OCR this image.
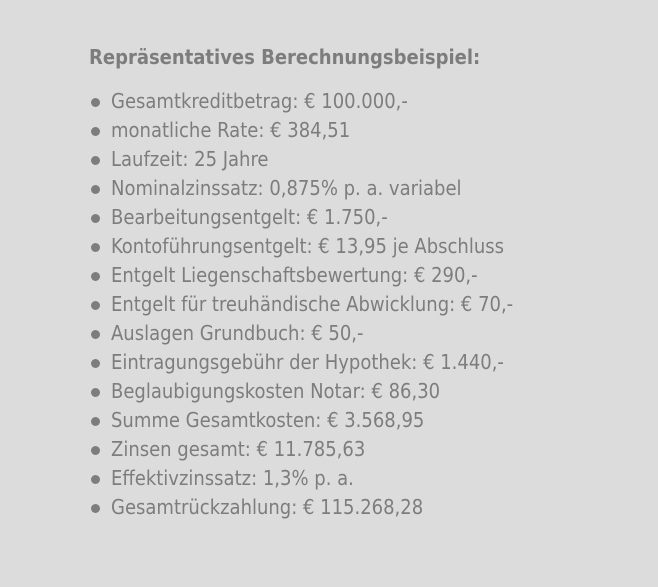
Repräsentatives Berechnungsbeispiel:
Gesamtkreditbetrag: € 100.000,-
monatliche Rate: € 384,51
Laufzeit: 25 Jahre
Nominalzinssatz: 0,875% p. a. variabel
Bearbeitungsentgelt: € 1.750,-
Kontoführungsentgelt: € 13,95 je Abschluss
Entgelt Liegenschaftsbewertung: € 290,-
Entgelt für treuhändische Abwicklung: € 70,-
Auslagen Grundbuch: € 50,-
Eintragungsgebühr der Hypothek: € 1.440,-
Beglaubigungskosten Notar: € 86,30
Summe Gesamtkosten: € 3.568,95
Zinsen gesamt: € 11.785,63
Effektivzinssatz: 1,3% p. a.
Gesamtrückzahlung: € 115.268,28
